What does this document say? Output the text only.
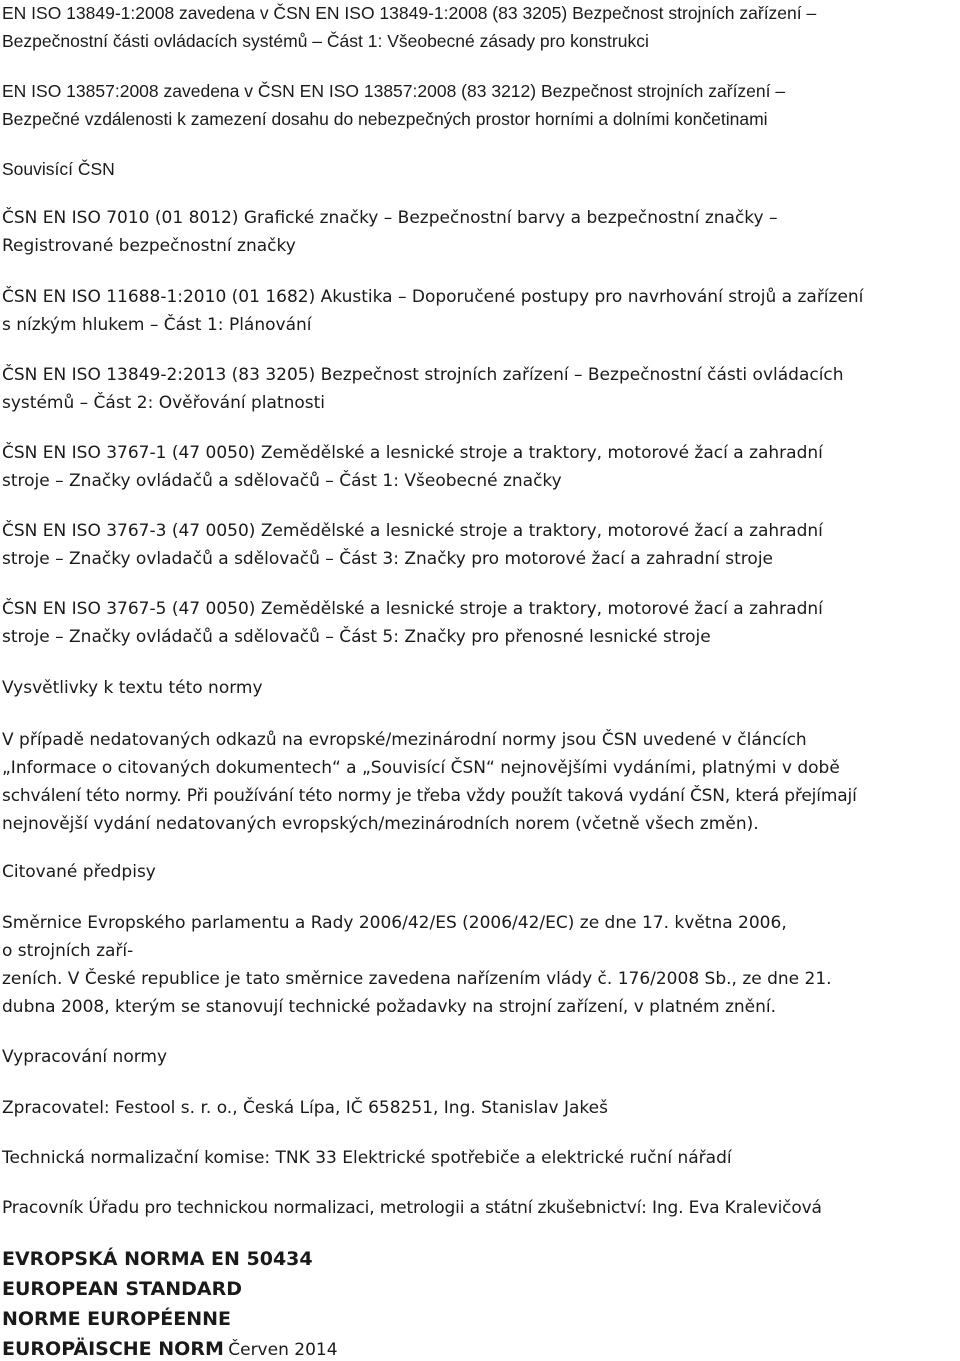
EN ISO 13849-1:2008 zavedena v ČSN EN ISO 13849-1:2008 (83 3205) Bezpečnost strojních zařízení –
Bezpečnostní části ovládacích systémů – Část 1: Všeobecné zásady pro konstrukci
EN ISO 13857:2008 zavedena v ČSN EN ISO 13857:2008 (83 3212) Bezpečnost strojních zařízení –
Bezpečné vzdálenosti k zamezení dosahu do nebezpečných prostor horními a dolními končetinami
Souvisící ČSN
ČSN EN ISO 7010 (01 8012) Grafické značky – Bezpečnostní barvy a bezpečnostní značky –
Registrované bezpečnostní značky
ČSN EN ISO 11688-1:2010 (01 1682) Akustika – Doporučené postupy pro navrhování strojů a zařízení
s nízkým hlukem – Část 1: Plánování
ČSN EN ISO 13849-2:2013 (83 3205) Bezpečnost strojních zařízení – Bezpečnostní části ovládacích
systémů – Část 2: Ověřování platnosti
ČSN EN ISO 3767-1 (47 0050) Zemědělské a lesnické stroje a traktory, motorové žací a zahradní
stroje – Značky ovládačů a sdělovačů – Část 1: Všeobecné značky
ČSN EN ISO 3767-3 (47 0050) Zemědělské a lesnické stroje a traktory, motorové žací a zahradní
stroje – Značky ovladačů a sdělovačů – Část 3: Značky pro motorové žací a zahradní stroje
ČSN EN ISO 3767-5 (47 0050) Zemědělské a lesnické stroje a traktory, motorové žací a zahradní
stroje – Značky ovládačů a sdělovačů – Část 5: Značky pro přenosné lesnické stroje
Vysvětlivky k textu této normy
V případě nedatovaných odkazů na evropské/mezinárodní normy jsou ČSN uvedené v článcích
„Informace o citovaných dokumentech“ a „Souvisící ČSN“ nejnovějšími vydáními, platnými v době
schválení této normy. Při používání této normy je třeba vždy použít taková vydání ČSN, která přejímají
nejnovější vydání nedatovaných evropských/mezinárodních norem (včetně všech změn).
Citované předpisy
Směrnice Evropského parlamentu a Rady 2006/42/ES (2006/42/EC) ze dne 17. května 2006,
o strojních zaří-
zeních. V České republice je tato směrnice zavedena nařízením vlády č. 176/2008 Sb., ze dne 21.
dubna 2008, kterým se stanovují technické požadavky na strojní zařízení, v platném znění.
Vypracování normy
Zpracovatel: Festool s. r. o., Česká Lípa, IČ 658251, Ing. Stanislav Jakeš
Technická normalizační komise: TNK 33 Elektrické spotřebiče a elektrické ruční nářadí
Pracovník Úřadu pro technickou normalizaci, metrologii a státní zkušebnictví: Ing. Eva Kralevičová
EVROPSKÁ NORMA EN 50434
EUROPEAN STANDARD
NORME EUROPÉENNE
EUROPÄISCHE NORM Červen 2014
